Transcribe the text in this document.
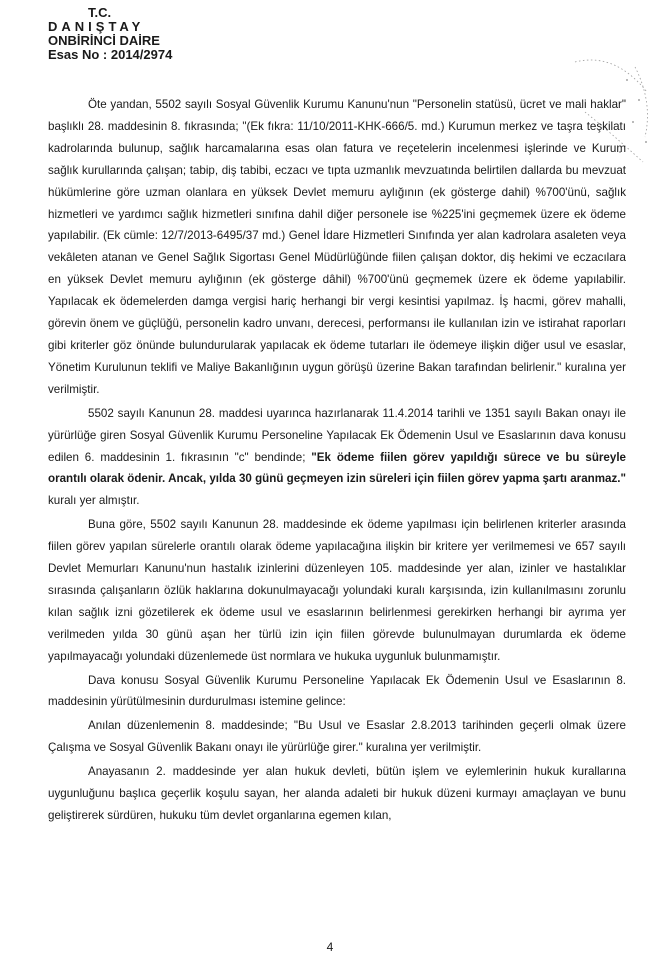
T.C.
DANIŞTAY
ONBİRİNCİ DAİRE
Esas No : 2014/2974

Öte yandan, 5502 sayılı Sosyal Güvenlik Kurumu Kanunu'nun "Personelin statüsü, ücret ve mali haklar" başlıklı 28. maddesinin 8. fıkrasında; "(Ek fıkra: 11/10/2011-KHK-666/5. md.) Kurumun merkez ve taşra teşkilatı kadrolarında bulunup, sağlık harcamalarına esas olan fatura ve reçetelerin incelenmesi işlerinde ve Kurum sağlık kurullarında çalışan; tabip, diş tabibi, eczacı ve tıpta uzmanlık mevzuatında belirtilen dallarda bu mevzuat hükümlerine göre uzman olanlara en yüksek Devlet memuru aylığının (ek gösterge dahil) %700'ünü, sağlık hizmetleri ve yardımcı sağlık hizmetleri sınıfına dahil diğer personele ise %225'ini geçmemek üzere ek ödeme yapılabilir. (Ek cümle: 12/7/2013-6495/37 md.) Genel İdare Hizmetleri Sınıfında yer alan kadrolara asaleten veya vekâleten atanan ve Genel Sağlık Sigortası Genel Müdürlüğünde fiilen çalışan doktor, diş hekimi ve eczacılara en yüksek Devlet memuru aylığının (ek gösterge dâhil) %700'ünü geçmemek üzere ek ödeme yapılabilir. Yapılacak ek ödemelerden damga vergisi hariç herhangi bir vergi kesintisi yapılmaz. İş hacmi, görev mahalli, görevin önem ve güçlüğü, personelin kadro unvanı, derecesi, performansı ile kullanılan izin ve istirahat raporları gibi kriterler göz önünde bulundurularak yapılacak ek ödeme tutarları ile ödemeye ilişkin diğer usul ve esaslar, Yönetim Kurulunun teklifi ve Maliye Bakanlığının uygun görüşü üzerine Bakan tarafından belirlenir." kuralına yer verilmiştir.

5502 sayılı Kanunun 28. maddesi uyarınca hazırlanarak 11.4.2014 tarihli ve 1351 sayılı Bakan onayı ile yürürlüğe giren Sosyal Güvenlik Kurumu Personeline Yapılacak Ek Ödemenin Usul ve Esaslarının dava konusu edilen 6. maddesinin 1. fıkrasının "c" bendinde; "Ek ödeme fiilen görev yapıldığı sürece ve bu süreyle orantılı olarak ödenir. Ancak, yılda 30 günü geçmeyen izin süreleri için fiilen görev yapma şartı aranmaz." kuralı yer almıştır.

Buna göre, 5502 sayılı Kanunun 28. maddesinde ek ödeme yapılması için belirlenen kriterler arasında fiilen görev yapılan sürelerle orantılı olarak ödeme yapılacağına ilişkin bir kritere yer verilmemesi ve 657 sayılı Devlet Memurları Kanunu'nun hastalık izinlerini düzenleyen 105. maddesinde yer alan, izinler ve hastalıklar sırasında çalışanların özlük haklarına dokunulmayacağı yolundaki kuralı karşısında, izin kullanılmasını zorunlu kılan sağlık izni gözetilerek ek ödeme usul ve esaslarının belirlenmesi gerekirken herhangi bir ayrıma yer verilmeden yılda 30 günü aşan her türlü izin için fiilen görevde bulunulmayan durumlarda ek ödeme yapılmayacağı yolundaki düzenlemede üst normlara ve hukuka uygunluk bulunmamıştır.

Dava konusu Sosyal Güvenlik Kurumu Personeline Yapılacak Ek Ödemenin Usul ve Esaslarının 8. maddesinin yürütülmesinin durdurulması istemine gelince:

Anılan düzenlemenin 8. maddesinde; "Bu Usul ve Esaslar 2.8.2013 tarihinden geçerli olmak üzere Çalışma ve Sosyal Güvenlik Bakanı onayı ile yürürlüğe girer." kuralına yer verilmiştir.

Anayasanın 2. maddesinde yer alan hukuk devleti, bütün işlem ve eylemlerinin hukuk kurallarına uygunluğunu başlıca geçerlik koşulu sayan, her alanda adaleti bir hukuk düzeni kurmayı amaçlayan ve bunu geliştirerek sürdüren, hukuku tüm devlet organlarına egemen kılan,

4
